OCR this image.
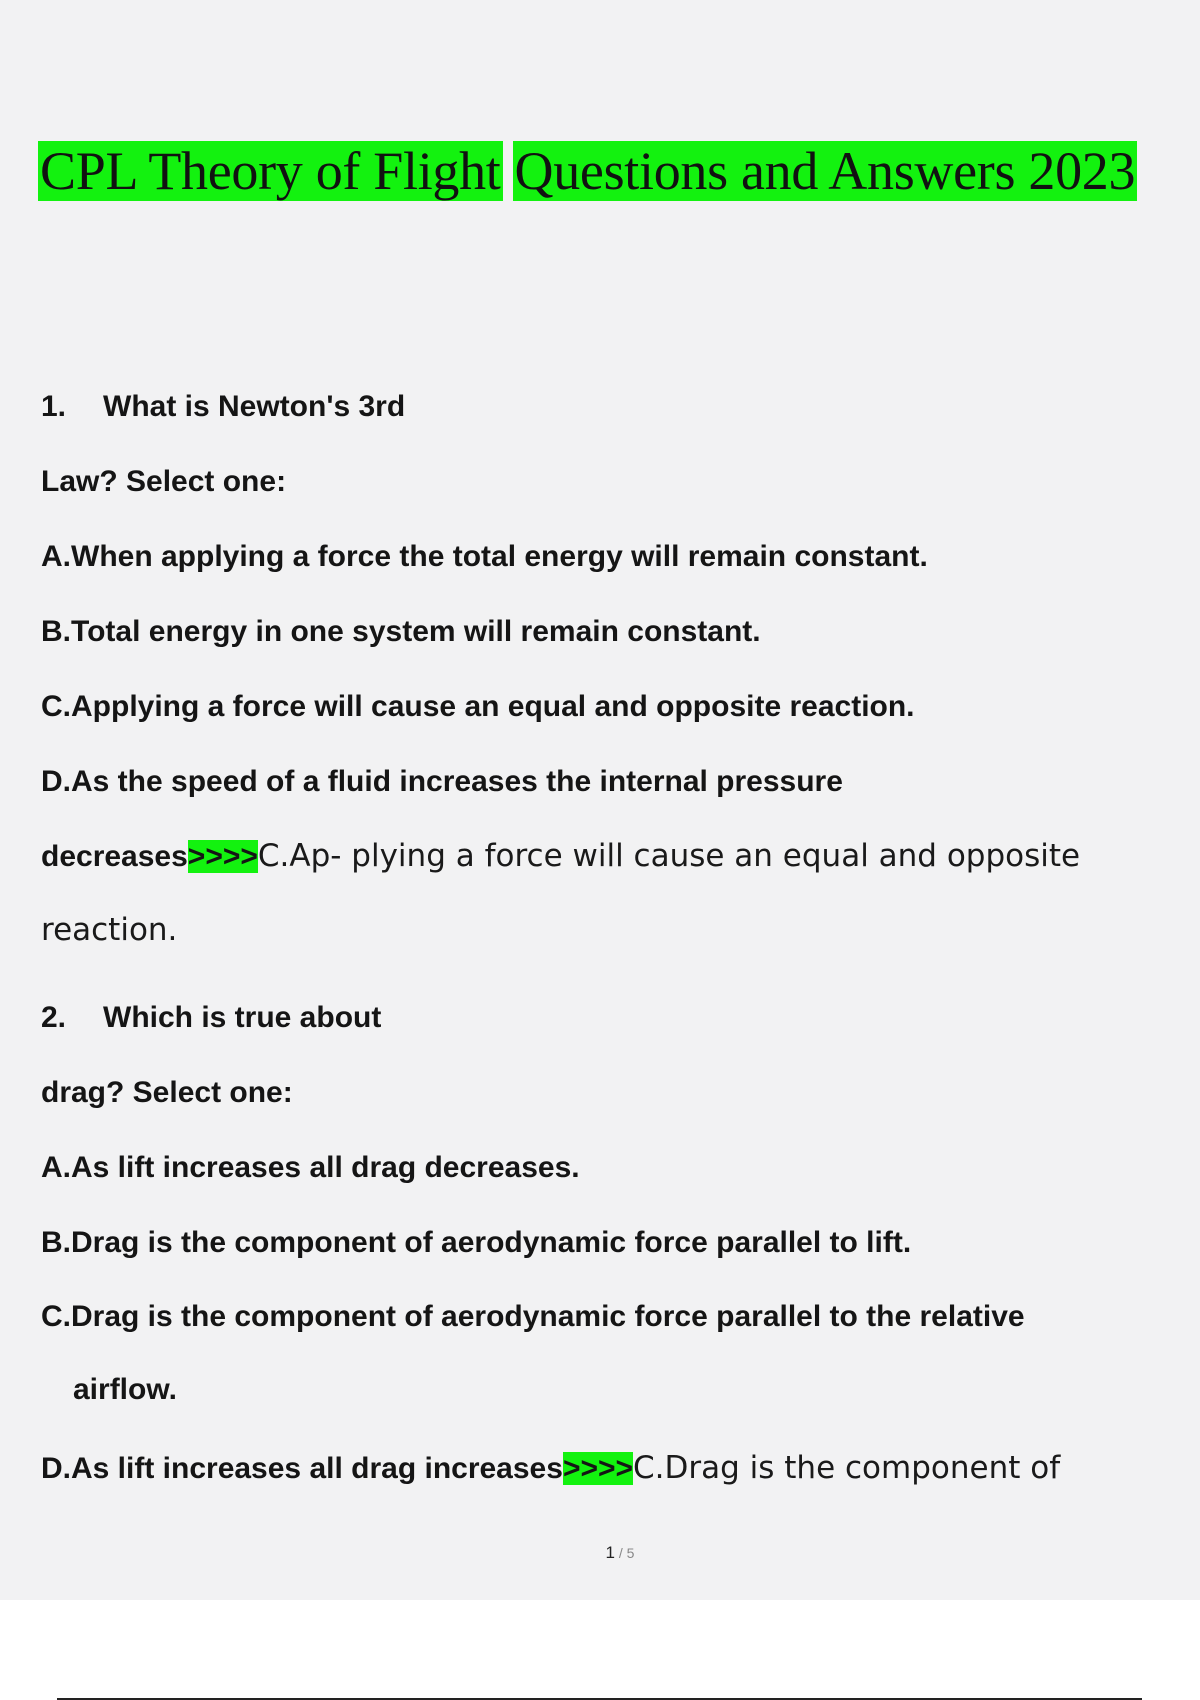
CPL Theory of Flight Questions and Answers 2023
1. What is Newton's 3rd
Law? Select one:
A.When applying a force the total energy will remain constant.
B.Total energy in one system will remain constant.
C.Applying a force will cause an equal and opposite reaction.
D.As the speed of a fluid increases the internal pressure
decreases>>>>C.Ap- plying a force will cause an equal and opposite
reaction.
2. Which is true about
drag? Select one:
A.As lift increases all drag decreases.
B.Drag is the component of aerodynamic force parallel to lift.
C.Drag is the component of aerodynamic force parallel to the relative
airflow.
D.As lift increases all drag increases>>>>C.Drag is the component of
1 / 5
